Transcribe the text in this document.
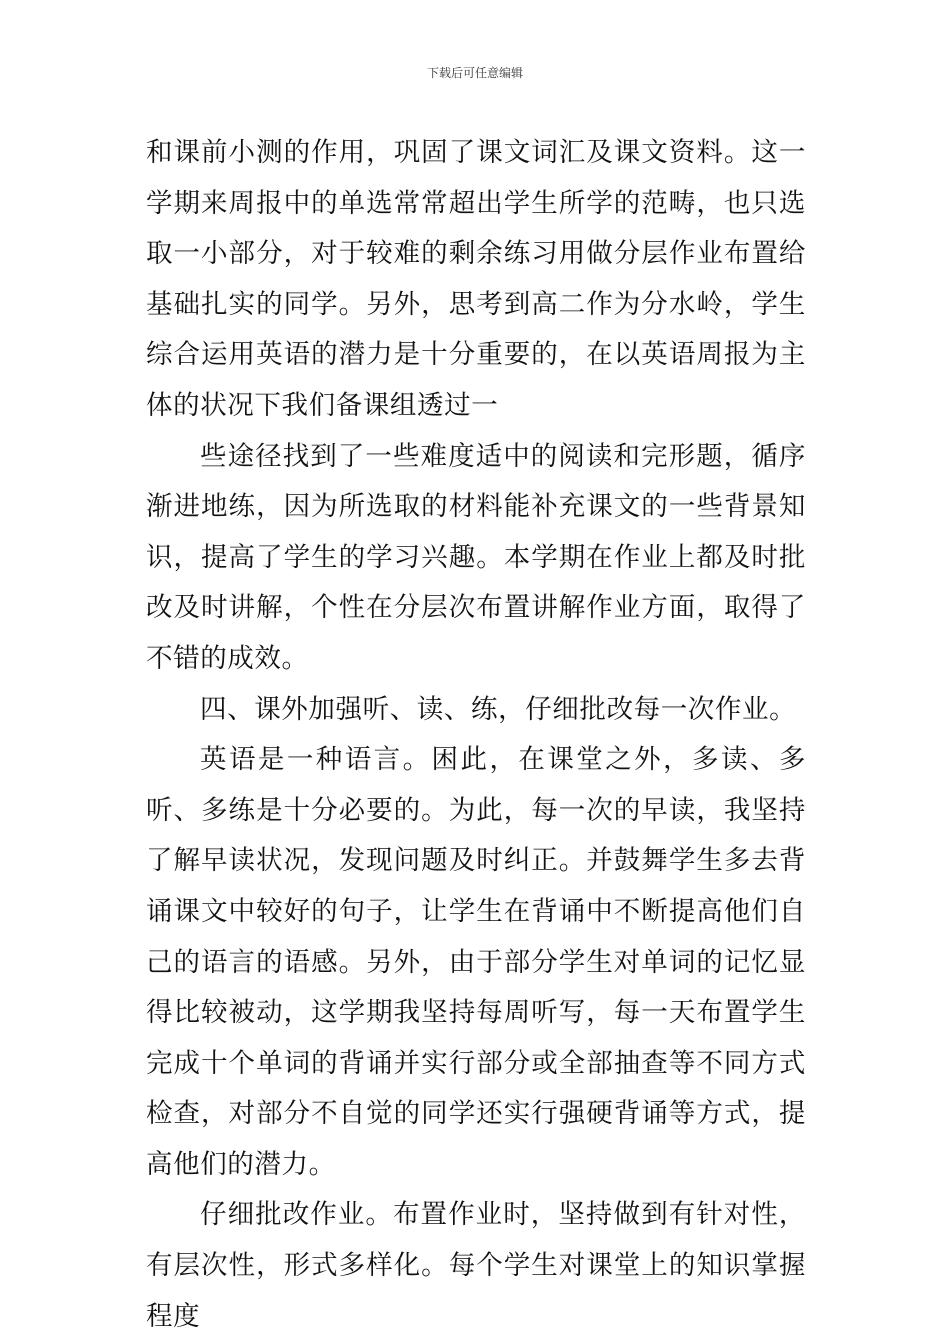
下载后可任意编辑

和课前小测的作用，巩固了课文词汇及课文资料。这一学期来周报中的单选常常超出学生所学的范畴，也只选取一小部分，对于较难的剩余练习用做分层作业布置给基础扎实的同学。另外，思考到高二作为分水岭，学生综合运用英语的潜力是十分重要的，在以英语周报为主体的状况下我们备课组透过一

些途径找到了一些难度适中的阅读和完形题，循序渐进地练，因为所选取的材料能补充课文的一些背景知识，提高了学生的学习兴趣。本学期在作业上都及时批改及时讲解，个性在分层次布置讲解作业方面，取得了不错的成效。

四、课外加强听、读、练，仔细批改每一次作业。

英语是一种语言。困此，在课堂之外，多读、多听、多练是十分必要的。为此，每一次的早读，我坚持了解早读状况，发现问题及时纠正。并鼓舞学生多去背诵课文中较好的句子，让学生在背诵中不断提高他们自己的语言的语感。另外，由于部分学生对单词的记忆显得比较被动，这学期我坚持每周听写，每一天布置学生完成十个单词的背诵并实行部分或全部抽查等不同方式检查，对部分不自觉的同学还实行强硬背诵等方式，提高他们的潜力。

仔细批改作业。布置作业时，坚持做到有针对性，有层次性，形式多样化。每个学生对课堂上的知识掌握程度
